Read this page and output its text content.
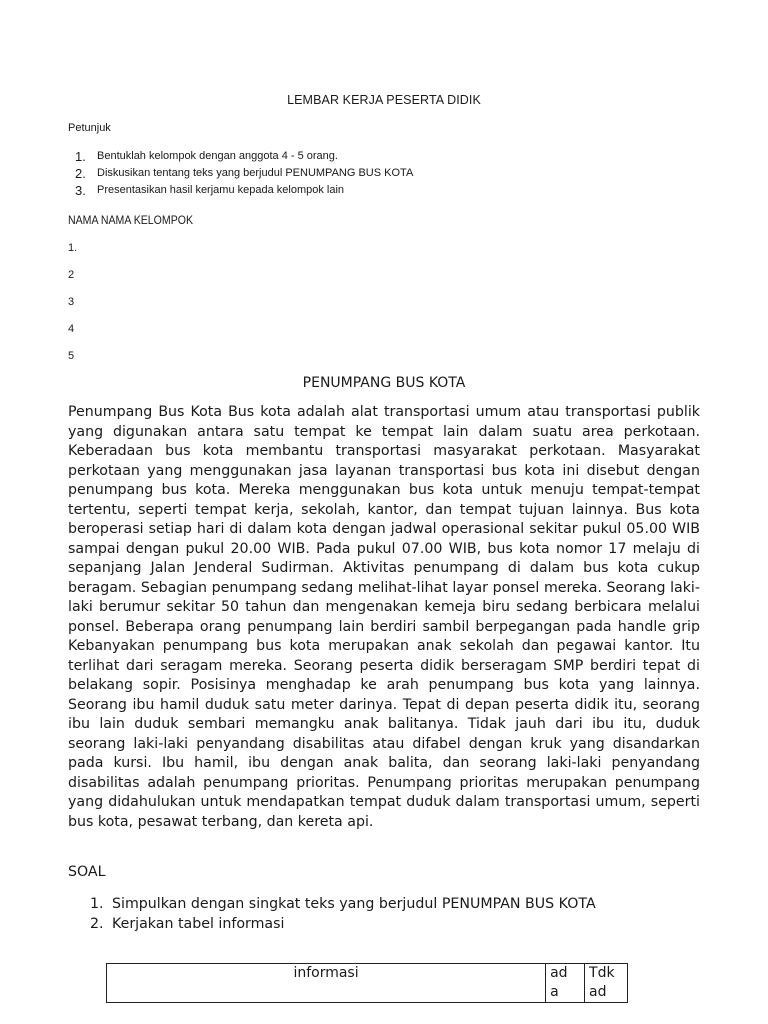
LEMBAR KERJA PESERTA DIDIK
Petunjuk
1.	Bentuklah kelompok dengan anggota 4 - 5 orang.
2.	Diskusikan tentang teks yang berjudul PENUMPANG BUS KOTA
3.	Presentasikan hasil kerjamu kepada kelompok lain
NAMA NAMA KELOMPOK
1.
2
3
4
5
PENUMPANG BUS KOTA

Penumpang Bus Kota Bus kota adalah alat transportasi umum atau transportasi publik yang digunakan antara satu tempat ke tempat lain dalam suatu area perkotaan. Keberadaan bus kota membantu transportasi masyarakat perkotaan. Masyarakat perkotaan yang menggunakan jasa layanan transportasi bus kota ini disebut dengan penumpang bus kota. Mereka menggunakan bus kota untuk menuju tempat-tempat tertentu, seperti tempat kerja, sekolah, kantor, dan tempat tujuan lainnya. Bus kota beroperasi setiap hari di dalam kota dengan jadwal operasional sekitar pukul 05.00 WIB sampai dengan pukul 20.00 WIB. Pada pukul 07.00 WIB, bus kota nomor 17 melaju di sepanjang Jalan Jenderal Sudirman. Aktivitas penumpang di dalam bus kota cukup beragam. Sebagian penumpang sedang melihat-lihat layar ponsel mereka. Seorang laki-laki berumur sekitar 50 tahun dan mengenakan kemeja biru sedang berbicara melalui ponsel. Beberapa orang penumpang lain berdiri sambil berpegangan pada handle grip Kebanyakan penumpang bus kota merupakan anak sekolah dan pegawai kantor. Itu terlihat dari seragam mereka. Seorang peserta didik berseragam SMP berdiri tepat di belakang sopir. Posisinya menghadap ke arah penumpang bus kota yang lainnya. Seorang ibu hamil duduk satu meter darinya. Tepat di depan peserta didik itu, seorang ibu lain duduk sembari memangku anak balitanya. Tidak jauh dari ibu itu, duduk seorang laki-laki penyandang disabilitas atau difabel dengan kruk yang disandarkan pada kursi. Ibu hamil, ibu dengan anak balita, dan seorang laki-laki penyandang disabilitas adalah penumpang prioritas. Penumpang prioritas merupakan penumpang yang didahulukan untuk mendapatkan tempat duduk dalam transportasi umum, seperti bus kota, pesawat terbang, dan kereta api.

SOAL
1. Simpulkan dengan singkat teks yang berjudul PENUMPAN BUS KOTA
2. Kerjakan tabel informasi
informasi	ad a	Tdk ad
